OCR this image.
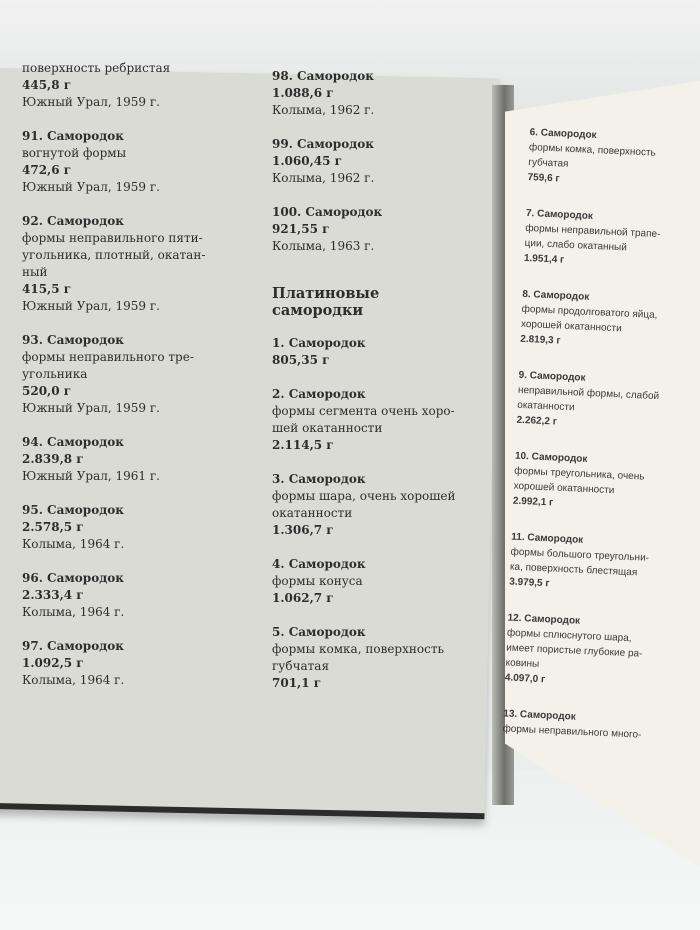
поверхность ребристая
445,8 г
Южный Урал, 1959 г.
91. Самородок
вогнутой формы
472,6 г
Южный Урал, 1959 г.
92. Самородок
формы неправильного пяти-
угольника, плотный, окатан-
ный
415,5 г
Южный Урал, 1959 г.
93. Самородок
формы неправильного тре-
угольника
520,0 г
Южный Урал, 1959 г.
94. Самородок
2.839,8 г
Южный Урал, 1961 г.
95. Самородок
2.578,5 г
Колыма, 1964 г.
96. Самородок
2.333,4 г
Колыма, 1964 г.
97. Самородок
1.092,5 г
Колыма, 1964 г.
98. Самородок
1.088,6 г
Колыма, 1962 г.
99. Самородок
1.060,45 г
Колыма, 1962 г.
100. Самородок
921,55 г
Колыма, 1963 г.
Платиновые самородки
1. Самородок
805,35 г
2. Самородок
формы сегмента очень хоро-
шей окатанности
2.114,5 г
3. Самородок
формы шара, очень хорошей
окатанности
1.306,7 г
4. Самородок
формы конуса
1.062,7 г
5. Самородок
формы комка, поверхность
губчатая
701,1 г
6. Самородок
формы комка, поверхность
губчатая
759,6 г
7. Самородок
формы неправильной трапе-
ции, слабо окатанный
1.951,4 г
8. Самородок
формы продолговатого яйца,
хорошей окатанности
2.819,3 г
9. Самородок
неправильной формы, слабой
окатанности
2.262,2 г
10. Самородок
формы треугольника, очень
хорошей окатанности
2.992,1 г
11. Самородок
формы большого треугольни-
ка, поверхность блестящая
3.979,5 г
12. Самородок
формы сплюснутого шара,
имеет пористые глубокие ра-
ковины
4.097,0 г
13. Самородок
формы неправильного много-
